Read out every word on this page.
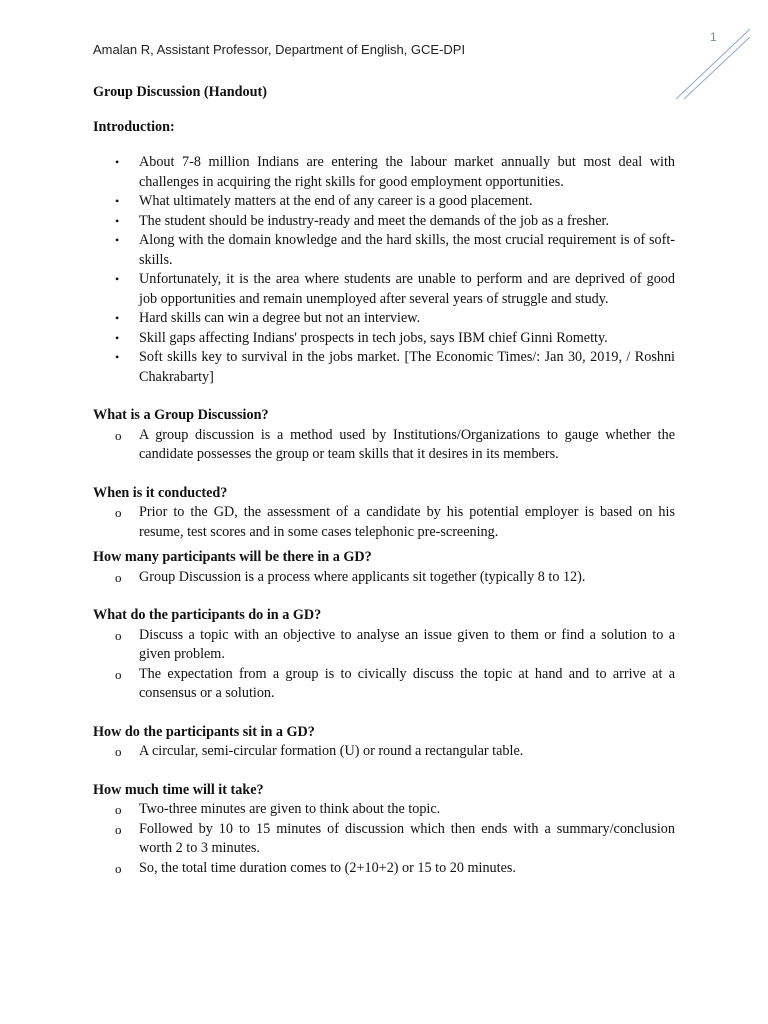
Amalan R, Assistant Professor, Department of English, GCE-DPI
1

Group Discussion (Handout)

Introduction:

• About 7-8 million Indians are entering the labour market annually but most deal with challenges in acquiring the right skills for good employment opportunities.
• What ultimately matters at the end of any career is a good placement.
• The student should be industry-ready and meet the demands of the job as a fresher.
• Along with the domain knowledge and the hard skills, the most crucial requirement is of soft-skills.
• Unfortunately, it is the area where students are unable to perform and are deprived of good job opportunities and remain unemployed after several years of struggle and study.
• Hard skills can win a degree but not an interview.
• Skill gaps affecting Indians' prospects in tech jobs, says IBM chief Ginni Rometty.
• Soft skills key to survival in the jobs market. [The Economic Times/: Jan 30, 2019, / Roshni Chakrabarty]

What is a Group Discussion?

o A group discussion is a method used by Institutions/Organizations to gauge whether the candidate possesses the group or team skills that it desires in its members.

When is it conducted?

o Prior to the GD, the assessment of a candidate by his potential employer is based on his resume, test scores and in some cases telephonic pre-screening.

How many participants will be there in a GD?

o Group Discussion is a process where applicants sit together (typically 8 to 12).

What do the participants do in a GD?

o Discuss a topic with an objective to analyse an issue given to them or find a solution to a given problem.
o The expectation from a group is to civically discuss the topic at hand and to arrive at a consensus or a solution.

How do the participants sit in a GD?

o A circular, semi-circular formation (U) or round a rectangular table.

How much time will it take?

o Two-three minutes are given to think about the topic.
o Followed by 10 to 15 minutes of discussion which then ends with a summary/conclusion worth 2 to 3 minutes.
o So, the total time duration comes to (2+10+2) or 15 to 20 minutes.
